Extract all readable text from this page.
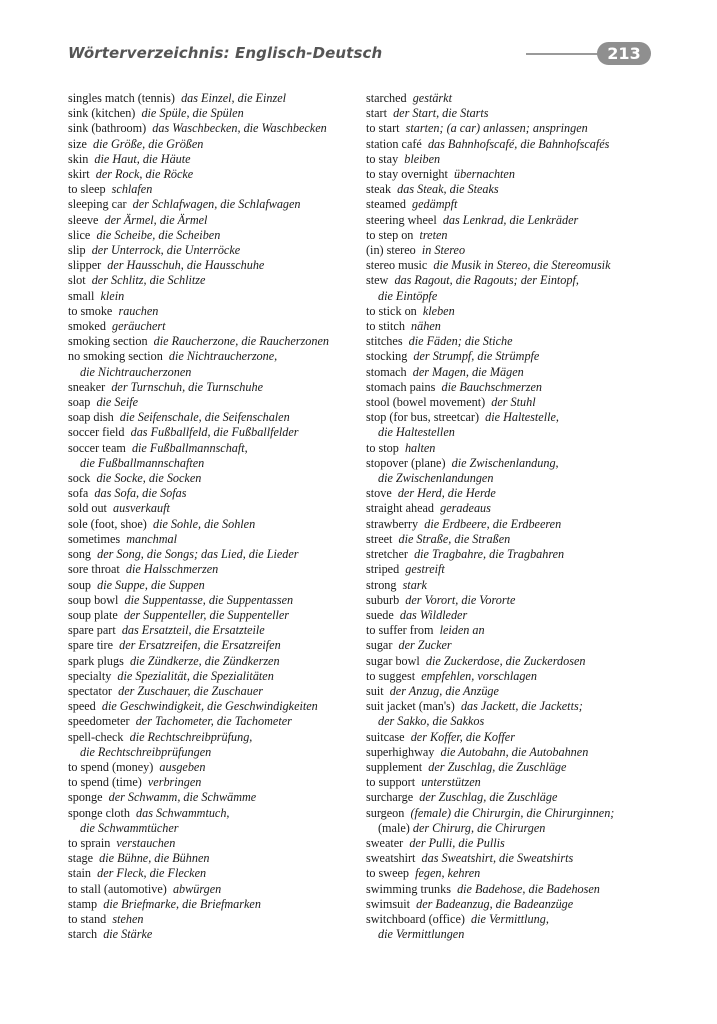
Wörterverzeichnis: Englisch-Deutsch	213
singles match (tennis) das Einzel, die Einzel
sink (kitchen) die Spüle, die Spülen
sink (bathroom) das Waschbecken, die Waschbecken
size die Größe, die Größen
skin die Haut, die Häute
skirt der Rock, die Röcke
to sleep schlafen
sleeping car der Schlafwagen, die Schlafwagen
sleeve der Ärmel, die Ärmel
slice die Scheibe, die Scheiben
slip der Unterrock, die Unterröcke
slipper der Hausschuh, die Hausschuhe
slot der Schlitz, die Schlitze
small klein
to smoke rauchen
smoked geräuchert
smoking section die Raucherzone, die Raucherzonen
no smoking section die Nichtraucherzone,
die Nichtraucherzonen
sneaker der Turnschuh, die Turnschuhe
soap die Seife
soap dish die Seifenschale, die Seifenschalen
soccer field das Fußballfeld, die Fußballfelder
soccer team die Fußballmannschaft,
die Fußballmannschaften
sock die Socke, die Socken
sofa das Sofa, die Sofas
sold out ausverkauft
sole (foot, shoe) die Sohle, die Sohlen
sometimes manchmal
song der Song, die Songs; das Lied, die Lieder
sore throat die Halsschmerzen
soup die Suppe, die Suppen
soup bowl die Suppentasse, die Suppentassen
soup plate der Suppenteller, die Suppenteller
spare part das Ersatzteil, die Ersatzteile
spare tire der Ersatzreifen, die Ersatzreifen
spark plugs die Zündkerze, die Zündkerzen
specialty die Spezialität, die Spezialitäten
spectator der Zuschauer, die Zuschauer
speed die Geschwindigkeit, die Geschwindigkeiten
speedometer der Tachometer, die Tachometer
spell-check die Rechtschreibprüfung,
die Rechtschreibprüfungen
to spend (money) ausgeben
to spend (time) verbringen
sponge der Schwamm, die Schwämme
sponge cloth das Schwammtuch,
die Schwammtücher
to sprain verstauchen
stage die Bühne, die Bühnen
stain der Fleck, die Flecken
to stall (automotive) abwürgen
stamp die Briefmarke, die Briefmarken
to stand stehen
starch die Stärke
starched gestärkt
start der Start, die Starts
to start starten; (a car) anlassen; anspringen
station café das Bahnhofscafé, die Bahnhofscafés
to stay bleiben
to stay overnight übernachten
steak das Steak, die Steaks
steamed gedämpft
steering wheel das Lenkrad, die Lenkräder
to step on treten
(in) stereo in Stereo
stereo music die Musik in Stereo, die Stereomusik
stew das Ragout, die Ragouts; der Eintopf,
die Eintöpfe
to stick on kleben
to stitch nähen
stitches die Fäden; die Stiche
stocking der Strumpf, die Strümpfe
stomach der Magen, die Mägen
stomach pains die Bauchschmerzen
stool (bowel movement) der Stuhl
stop (for bus, streetcar) die Haltestelle,
die Haltestellen
to stop halten
stopover (plane) die Zwischenlandung,
die Zwischenlandungen
stove der Herd, die Herde
straight ahead geradeaus
strawberry die Erdbeere, die Erdbeeren
street die Straße, die Straßen
stretcher die Tragbahre, die Tragbahren
striped gestreift
strong stark
suburb der Vorort, die Vororte
suede das Wildleder
to suffer from leiden an
sugar der Zucker
sugar bowl die Zuckerdose, die Zuckerdosen
to suggest empfehlen, vorschlagen
suit der Anzug, die Anzüge
suit jacket (man's) das Jackett, die Jacketts;
der Sakko, die Sakkos
suitcase der Koffer, die Koffer
superhighway die Autobahn, die Autobahnen
supplement der Zuschlag, die Zuschläge
to support unterstützen
surcharge der Zuschlag, die Zuschläge
surgeon (female) die Chirurgin, die Chirurginnen;
(male) der Chirurg, die Chirurgen
sweater der Pulli, die Pullis
sweatshirt das Sweatshirt, die Sweatshirts
to sweep fegen, kehren
swimming trunks die Badehose, die Badehosen
swimsuit der Badeanzug, die Badeanzüge
switchboard (office) die Vermittlung,
die Vermittlungen
